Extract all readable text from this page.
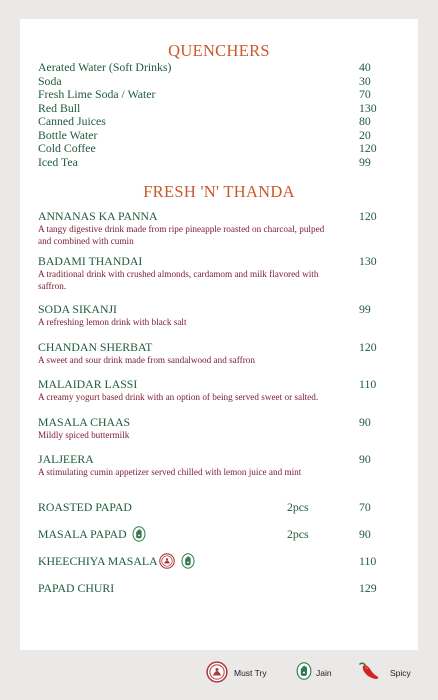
QUENCHERS
Aerated Water (Soft Drinks)	40
Soda	30
Fresh Lime Soda / Water	70
Red Bull	130
Canned Juices	80
Bottle Water	20
Cold Coffee	120
Iced Tea	99
FRESH 'N' THANDA
ANNANAS KA PANNA	120
A tangy digestive drink made from ripe pineapple roasted on charcoal, pulped and combined with cumin
BADAMI THANDAI	130
A traditional drink with crushed almonds, cardamom and milk flavored with saffron.
SODA SIKANJI	99
A refreshing lemon drink with black salt
CHANDAN SHERBAT	120
A sweet and sour drink made from sandalwood and saffron
MALAIDAR LASSI	110
A creamy yogurt based drink with an option of being served sweet or salted.
MASALA CHAAS	90
Mildly spiced buttermilk
JALJEERA	90
A stimulating cumin appetizer served chilled with lemon juice and mint
ROASTED PAPAD	2pcs	70
MASALA PAPAD	2pcs	90
KHEECHIYA MASALA	110
PAPAD CHURI	129
Must Try	Jain	Spicy
